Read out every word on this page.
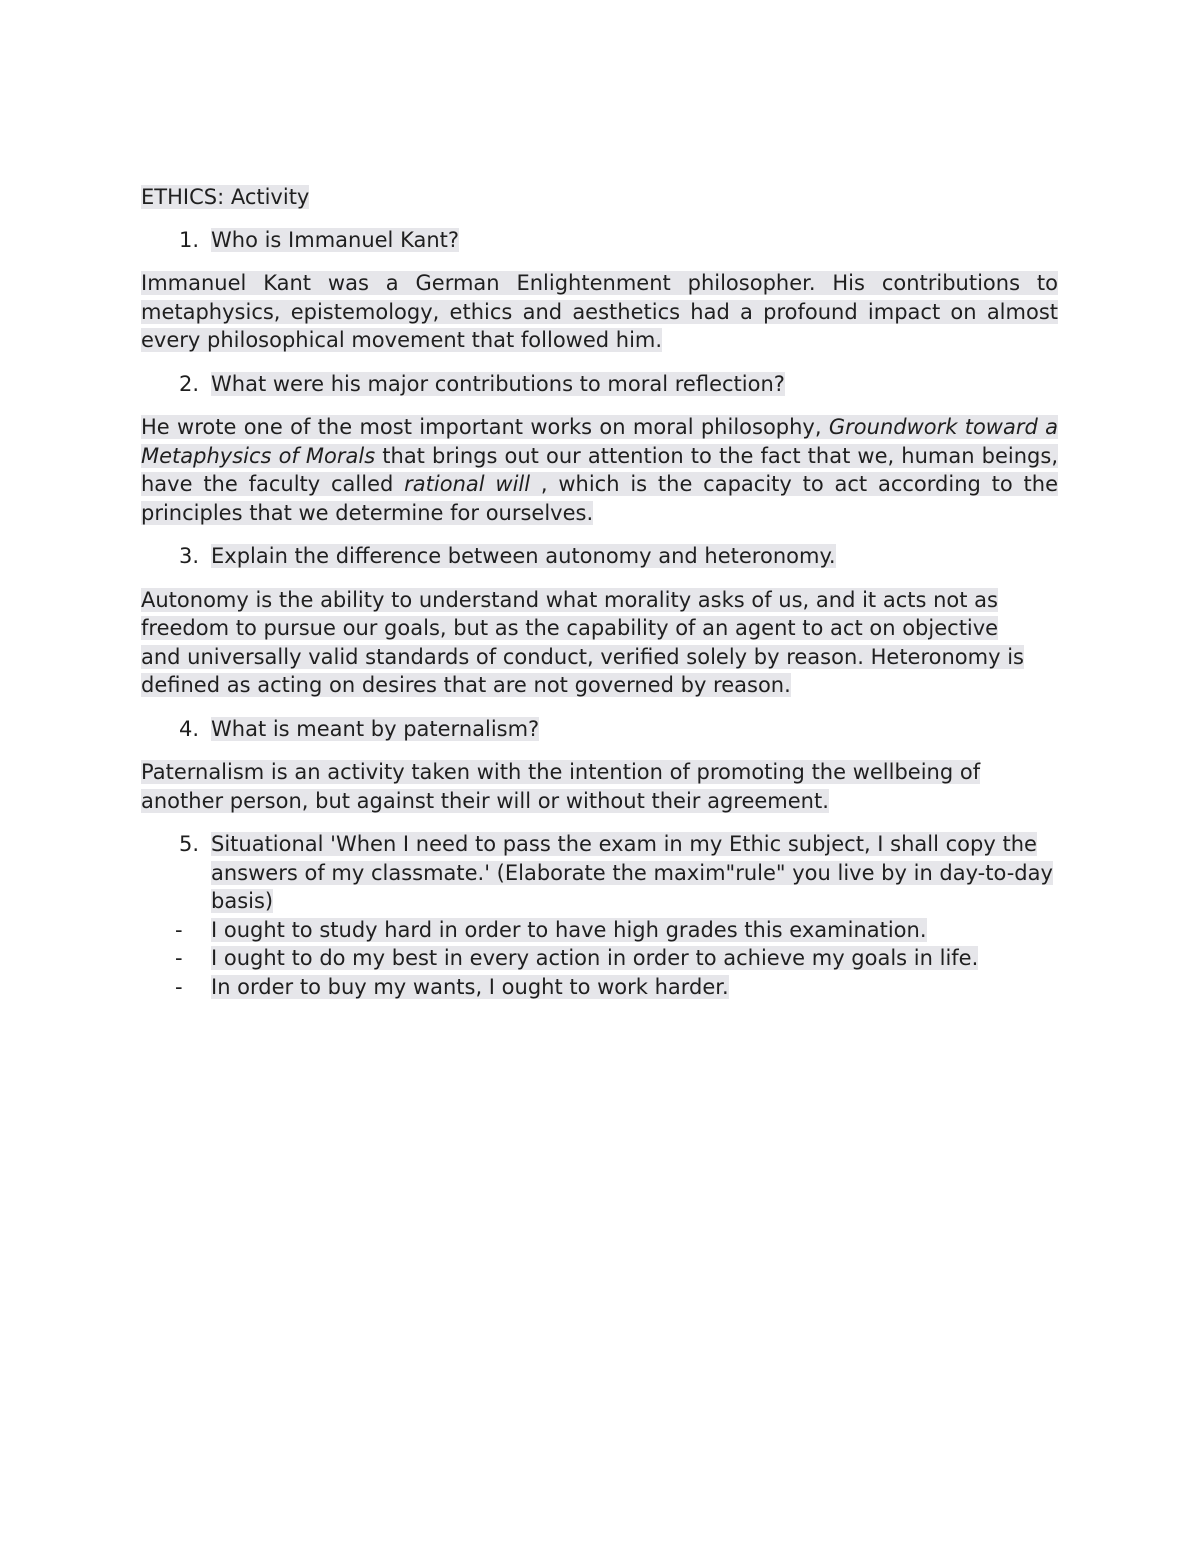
ETHICS: Activity

1. Who is Immanuel Kant?

Immanuel Kant was a German Enlightenment philosopher. His contributions to metaphysics, epistemology, ethics and aesthetics had a profound impact on almost every philosophical movement that followed him.

2. What were his major contributions to moral reflection?

He wrote one of the most important works on moral philosophy, Groundwork toward a Metaphysics of Morals that brings out our attention to the fact that we, human beings, have the faculty called rational will , which is the capacity to act according to the principles that we determine for ourselves.

3. Explain the difference between autonomy and heteronomy.

Autonomy is the ability to understand what morality asks of us, and it acts not as freedom to pursue our goals, but as the capability of an agent to act on objective and universally valid standards of conduct, verified solely by reason. Heteronomy is defined as acting on desires that are not governed by reason.

4. What is meant by paternalism?

Paternalism is an activity taken with the intention of promoting the wellbeing of another person, but against their will or without their agreement.

5. Situational 'When I need to pass the exam in my Ethic subject, I shall copy the answers of my classmate.' (Elaborate the maxim"rule" you live by in day-to-day basis)
-	I ought to study hard in order to have high grades this examination.
-	I ought to do my best in every action in order to achieve my goals in life.
-	In order to buy my wants, I ought to work harder.
